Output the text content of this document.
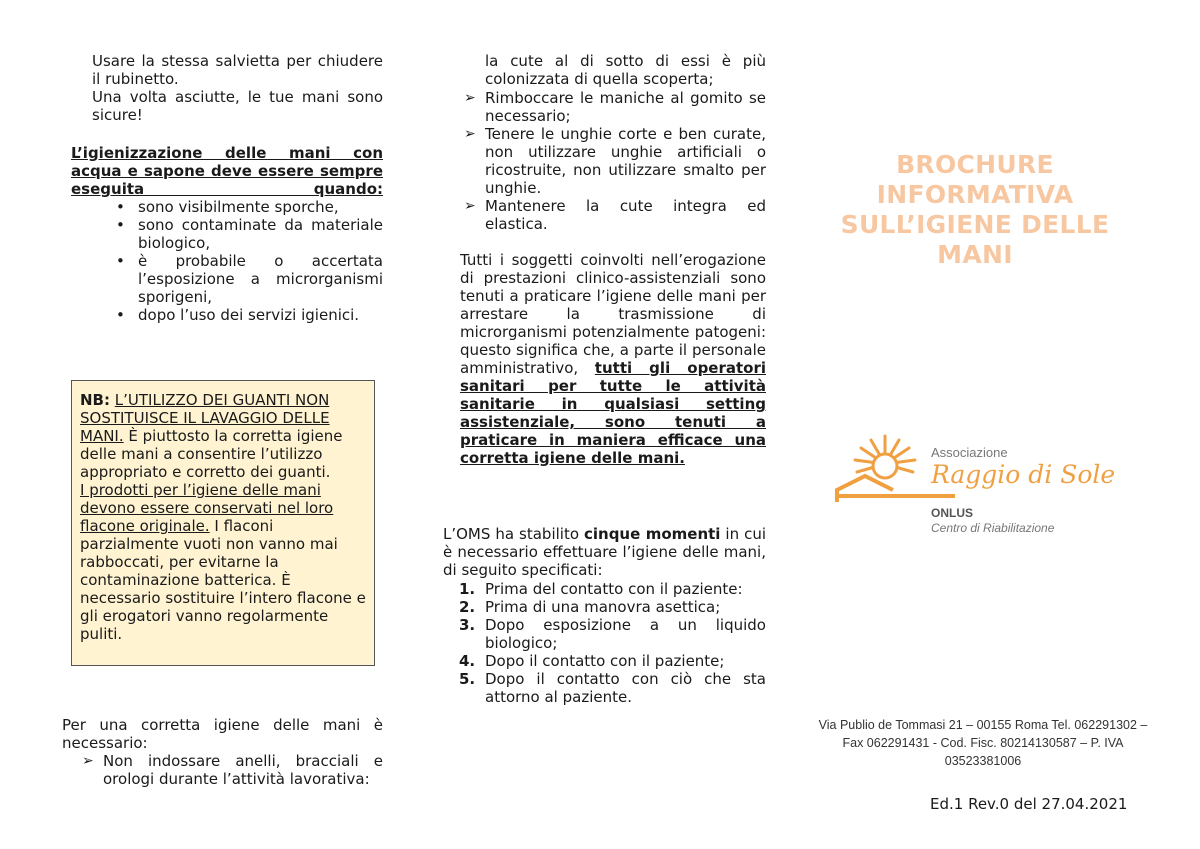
Usare la stessa salvietta per chiudere il rubinetto.
Una volta asciutte, le tue mani sono sicure!
L’igienizzazione delle mani con acqua e sapone deve essere sempre eseguita quando:
• sono visibilmente sporche,
• sono contaminate da materiale biologico,
• è probabile o accertata l’esposizione a microrganismi sporigeni,
• dopo l’uso dei servizi igienici.
NB: L’UTILIZZO DEI GUANTI NON SOSTITUISCE IL LAVAGGIO DELLE MANI. È piuttosto la corretta igiene delle mani a consentire l’utilizzo appropriato e corretto dei guanti.
I prodotti per l’igiene delle mani devono essere conservati nel loro flacone originale. I flaconi parzialmente vuoti non vanno mai rabboccati, per evitarne la contaminazione batterica. È necessario sostituire l’intero flacone e gli erogatori vanno regolarmente puliti.
Per una corretta igiene delle mani è necessario:
➢ Non indossare anelli, bracciali e orologi durante l’attività lavorativa:
la cute al di sotto di essi è più colonizzata di quella scoperta;
➢ Rimboccare le maniche al gomito se necessario;
➢ Tenere le unghie corte e ben curate, non utilizzare unghie artificiali o ricostruite, non utilizzare smalto per unghie.
➢ Mantenere la cute integra ed elastica.
Tutti i soggetti coinvolti nell’erogazione di prestazioni clinico-assistenziali sono tenuti a praticare l’igiene delle mani per arrestare la trasmissione di microrganismi potenzialmente patogeni: questo significa che, a parte il personale amministrativo, tutti gli operatori sanitari per tutte le attività sanitarie in qualsiasi setting assistenziale, sono tenuti a praticare in maniera efficace una corretta igiene delle mani.
L’OMS ha stabilito cinque momenti in cui è necessario effettuare l’igiene delle mani, di seguito specificati:
1. Prima del contatto con il paziente:
2. Prima di una manovra asettica;
3. Dopo esposizione a un liquido biologico;
4. Dopo il contatto con il paziente;
5. Dopo il contatto con ciò che sta attorno al paziente.
BROCHURE INFORMATIVA SULL’IGIENE DELLE MANI
Associazione
Raggio di Sole
ONLUS
Centro di Riabilitazione
Via Publio de Tommasi 21 – 00155 Roma Tel. 062291302 – Fax 062291431 - Cod. Fisc. 80214130587 – P. IVA 03523381006
Ed.1 Rev.0 del 27.04.2021
